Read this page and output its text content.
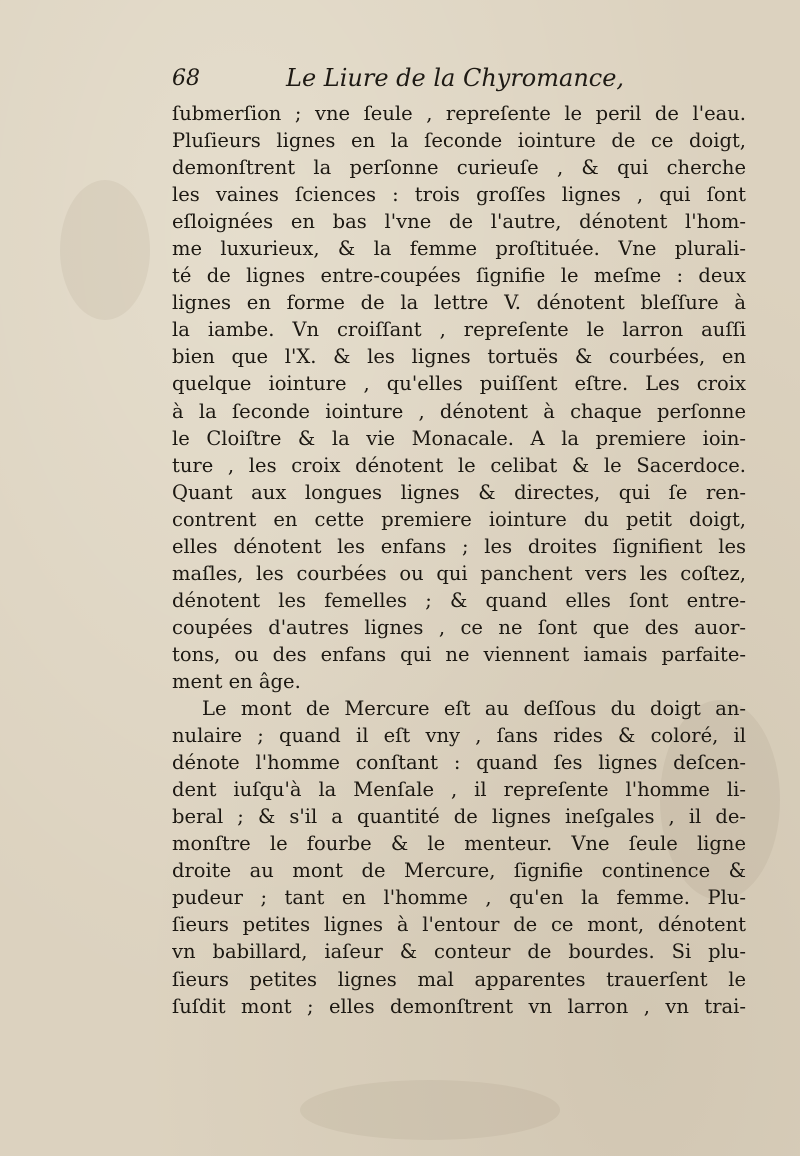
68	Le Liure de la Chyromance,
ſubmerſion ; vne ſeule , repreſente le peril de l'eau.
Pluſieurs lignes en la ſeconde iointure de ce doigt,
demonſtrent la perſonne curieuſe , & qui cherche
les vaines ſciences : trois groſſes lignes , qui ſont
eſloignées en bas l'vne de l'autre, dénotent l'hom-
me luxurieux, & la femme proſtituée. Vne plurali-
té de lignes entre-coupées ſignifie le meſme : deux
lignes en forme de la lettre V. dénotent bleſſure à
la iambe. Vn croiſſant , repreſente le larron auſſi
bien que l'X. & les lignes tortuës & courbées, en
quelque iointure , qu'elles puiſſent eſtre. Les croix
à la ſeconde iointure , dénotent à chaque perſonne
le Cloiſtre & la vie Monacale. A la premiere ioin-
ture , les croix dénotent le celibat & le Sacerdoce.
Quant aux longues lignes & directes, qui ſe ren-
contrent en cette premiere iointure du petit doigt,
elles dénotent les enfans ; les droites ſignifient les
maſles, les courbées ou qui panchent vers les coſtez,
dénotent les femelles ; & quand elles ſont entre-
coupées d'autres lignes , ce ne ſont que des auor-
tons, ou des enfans qui ne viennent iamais parfaite-
ment en âge.
Le mont de Mercure eſt au deſſous du doigt an-
nulaire ; quand il eſt vny , ſans rides & coloré, il
dénote l'homme conſtant : quand ſes lignes deſcen-
dent iuſqu'à la Menſale , il repreſente l'homme li-
beral ; & s'il a quantité de lignes ineſgales , il de-
monſtre le fourbe & le menteur. Vne ſeule ligne
droite au mont de Mercure, ſignifie continence &
pudeur ; tant en l'homme , qu'en la femme. Plu-
ſieurs petites lignes à l'entour de ce mont, dénotent
vn babillard, iaſeur & conteur de bourdes. Si plu-
ſieurs petites lignes mal apparentes trauerſent le
ſuſdit mont ; elles demonſtrent vn larron , vn trai-
